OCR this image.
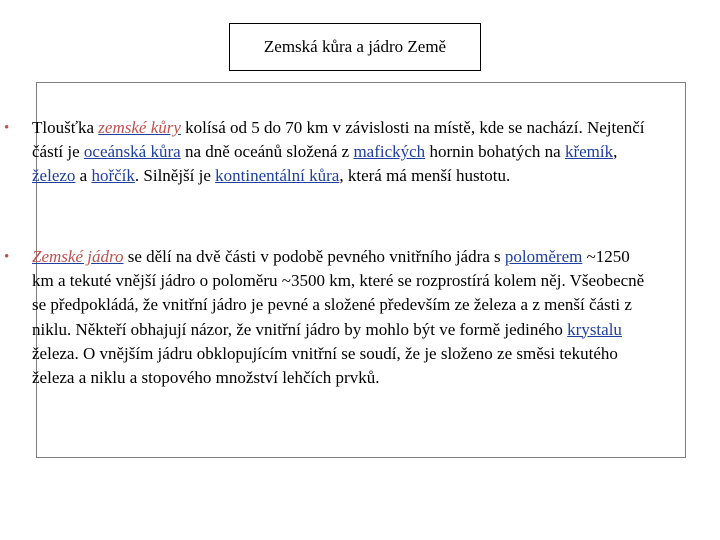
Zemská kůra a jádro Země
• Tloušťka zemské kůry kolísá od 5 do 70 km v závislosti na místě, kde se nachází. Nejtenčí částí je oceánská kůra na dně oceánů složená z mafických hornin bohatých na křemík, železo a hořčík. Silnější je kontinentální kůra, která má menší hustotu.
• Zemské jádro se dělí na dvě části v podobě pevného vnitřního jádra s poloměrem ~1250 km a tekuté vnější jádro o poloměru ~3500 km, které se rozprostírá kolem něj. Všeobecně se předpokládá, že vnitřní jádro je pevné a složené především ze železa a z menší části z niklu. Někteří obhajují názor, že vnitřní jádro by mohlo být ve formě jediného krystalu železa. O vnějším jádru obklopujícím vnitřní se soudí, že je složeno ze směsi tekutého železa a niklu a stopového množství lehčích prvků.
